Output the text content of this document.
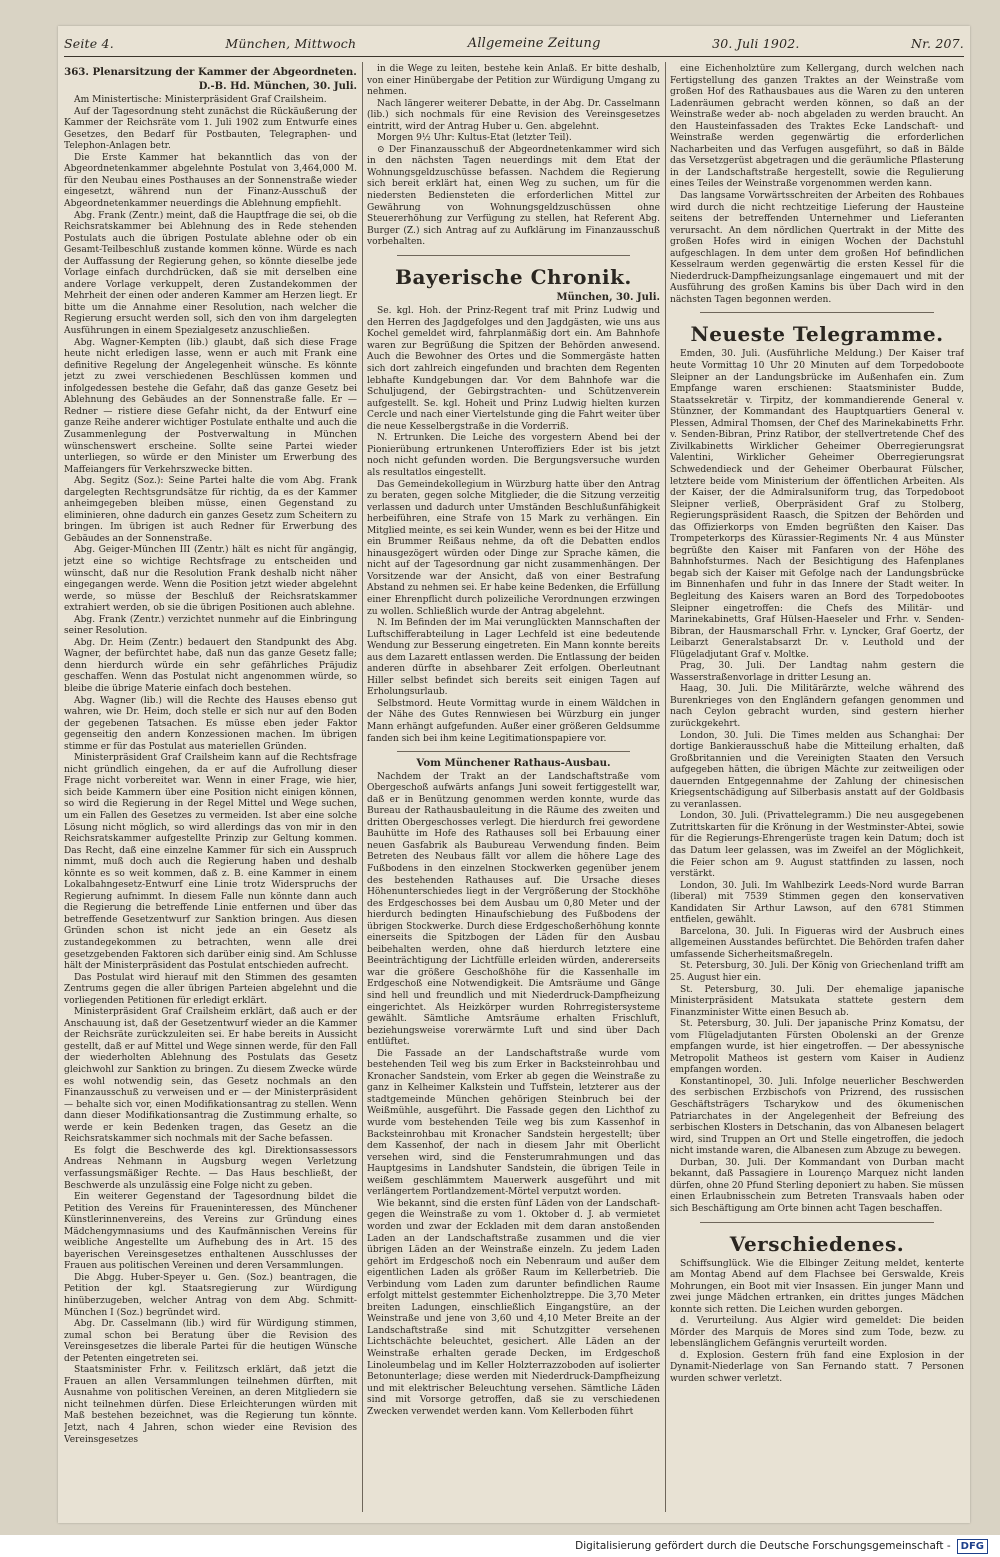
Seite 4.	München, Mittwoch	Allgemeine Zeitung	30. Juli 1902.	Nr. 207.
363. Plenarsitzung der Kammer der Abgeordneten.
D.-B. Hd. München, 30. Juli.

Am Ministertische: Ministerpräsident Graf Crailsheim.

Auf der Tagesordnung steht zunächst die Rückäußerung der Kammer der Reichsräte vom 1. Juli 1902 zum Entwurfe eines Gesetzes, den Bedarf für Postbauten, Telegraphen- und Telephon-Anlagen betr.

Die Erste Kammer hat bekanntlich das von der Abgeordnetenkammer abgelehnte Postulat von 3,464,000 M. für den Neubau eines Posthauses an der Sonnenstraße wieder eingesetzt, während nun der Finanz-Ausschuß der Abgeordnetenkammer neuerdings die Ablehnung empfiehlt.

Abg. Frank (Zentr.) meint, daß die Hauptfrage die sei, ob die Reichsratskammer bei Ablehnung des in Rede stehenden Postulats auch die übrigen Postulate ablehne oder ob ein Gesamt-Teilbeschluß zustande kommen könne. Würde es nach der Auffassung der Regierung gehen, so könnte dieselbe jede Vorlage einfach durchdrücken, daß sie mit derselben eine andere Vorlage verkuppelt, deren Zustandekommen der Mehrheit der einen oder anderen Kammer am Herzen liegt. Er bitte um die Annahme einer Resolution, nach welcher die Regierung ersucht werden soll, sich den von ihm dargelegten Ausführungen in einem Spezialgesetz anzuschließen.

Abg. Wagner-Kempten (lib.) glaubt, daß sich diese Frage heute nicht erledigen lasse, wenn er auch mit Frank eine definitive Regelung der Angelegenheit wünsche. Es könnte jetzt zu zwei verschiedenen Beschlüssen kommen und infolgedessen bestehe die Gefahr, daß das ganze Gesetz bei Ablehnung des Gebäudes an der Sonnenstraße falle. Er — Redner — ristiere diese Gefahr nicht, da der Entwurf eine ganze Reihe anderer wichtiger Postulate enthalte und auch die Zusammenlegung der Postverwaltung in München wünschenswert erscheine. Sollte seine Partei wieder unterliegen, so würde er den Minister um Erwerbung des Maffeiangers für Verkehrszwecke bitten.

Abg. Segitz (Soz.): Seine Partei halte die vom Abg. Frank dargelegten Rechtsgrundsätze für richtig, da es der Kammer anheimgegeben bleiben müsse, einen Gegenstand zu eliminieren, ohne dadurch ein ganzes Gesetz zum Scheitern zu bringen. Im übrigen ist auch Redner für Erwerbung des Gebäudes an der Sonnenstraße.

Abg. Geiger-München III (Zentr.) hält es nicht für angängig, jetzt eine so wichtige Rechtsfrage zu entscheiden und wünscht, daß nur die Resolution Frank deshalb nicht näher eingegangen werde. Wenn die Position jetzt wieder abgelehnt werde, so müsse der Beschluß der Reichsratskammer extrahiert werden, ob sie die übrigen Positionen auch ablehne.

Abg. Frank (Zentr.) verzichtet nunmehr auf die Einbringung seiner Resolution.

Abg. Dr. Heim (Zentr.) bedauert den Standpunkt des Abg. Wagner, der befürchtet habe, daß nun das ganze Gesetz falle; denn hierdurch würde ein sehr gefährliches Präjudiz geschaffen. Wenn das Postulat nicht angenommen würde, so bleibe die übrige Materie einfach doch bestehen.

Abg. Wagner (lib.) will die Rechte des Hauses ebenso gut wahren, wie Dr. Heim, doch stelle er sich nur auf den Boden der gegebenen Tatsachen. Es müsse eben jeder Faktor gegenseitig den andern Konzessionen machen. Im übrigen stimme er für das Postulat aus materiellen Gründen.

Ministerpräsident Graf Crailsheim kann auf die Rechtsfrage nicht gründlich eingehen, da er auf die Aufrollung dieser Frage nicht vorbereitet war. Wenn in einer Frage, wie hier, sich beide Kammern über eine Position nicht einigen können, so wird die Regierung in der Regel Mittel und Wege suchen, um ein Fallen des Gesetzes zu vermeiden. Ist aber eine solche Lösung nicht möglich, so wird allerdings das von mir in den Reichsratskammer aufgestellte Prinzip zur Geltung kommen. Das Recht, daß eine einzelne Kammer für sich ein Ausspruch nimmt, muß doch auch die Regierung haben und deshalb könnte es so weit kommen, daß z. B. eine Kammer in einem Lokalbahngesetz-Entwurf eine Linie trotz Widerspruchs der Regierung aufnimmt. In diesem Falle nun könnte dann auch die Regierung die betreffende Linie entfernen und über das betreffende Gesetzentwurf zur Sanktion bringen. Aus diesen Gründen schon ist nicht jede an ein Gesetz als zustandegekommen zu betrachten, wenn alle drei gesetzgebenden Faktoren sich darüber einig sind. Am Schlusse hält der Ministerpräsident das Postulat entschieden aufrecht.

Das Postulat wird hierauf mit den Stimmen des gesamten Zentrums gegen die aller übrigen Parteien abgelehnt und die vorliegenden Petitionen für erledigt erklärt.

Ministerpräsident Graf Crailsheim erklärt, daß auch er der Anschauung ist, daß der Gesetzentwurf wieder an die Kammer der Reichsräte zurückzuleiten sei. Er habe bereits in Aussicht gestellt, daß er auf Mittel und Wege sinnen werde, für den Fall der wiederholten Ablehnung des Postulats das Gesetz gleichwohl zur Sanktion zu bringen. Zu diesem Zwecke würde es wohl notwendig sein, das Gesetz nochmals an den Finanzausschuß zu verweisen und er — der Ministerpräsident — behalte sich vor, einen Modifikationsantrag zu stellen. Wenn dann dieser Modifikationsantrag die Zustimmung erhalte, so werde er kein Bedenken tragen, das Gesetz an die Reichsratskammer sich nochmals mit der Sache befassen.

Es folgt die Beschwerde des kgl. Direktionsassessors Andreas Nehmann in Augsburg wegen Verletzung verfassungsmäßiger Rechte. — Das Haus beschließt, der Beschwerde als unzulässig eine Folge nicht zu geben.

Ein weiterer Gegenstand der Tagesordnung bildet die Petition des Vereins für Fraueninteressen, des Münchener Künstlerinnenvereins, des Vereins zur Gründung eines Mädchengymnasiums und des Kaufmännischen Vereins für weibliche Angestellte um Aufhebung des in Art. 15 des bayerischen Vereinsgesetzes enthaltenen Ausschlusses der Frauen aus politischen Vereinen und deren Versammlungen.

Die Abgg. Huber-Speyer u. Gen. (Soz.) beantragen, die Petition der kgl. Staatsregierung zur Würdigung hinüberzugeben, welcher Antrag von dem Abg. Schmitt-München I (Soz.) begründet wird.

Abg. Dr. Casselmann (lib.) wird für Würdigung stimmen, zumal schon bei Beratung über die Revision des Vereinsgesetzes die liberale Partei für die heutigen Wünsche der Petenten eingetreten sei.

Staatsminister Frhr. v. Feilitzsch erklärt, daß jetzt die Frauen an allen Versammlungen teilnehmen dürften, mit Ausnahme von politischen Vereinen, an deren Mitgliedern sie nicht teilnehmen dürfen. Diese Erleichterungen würden mit Maß bestehen bezeichnet, was die Regierung tun könnte. Jetzt, nach 4 Jahren, schon wieder eine Revision des Vereinsgesetzes

in die Wege zu leiten, bestehe kein Anlaß. Er bitte deshalb, von einer Hinübergabe der Petition zur Würdigung Umgang zu nehmen.

Nach längerer weiterer Debatte, in der Abg. Dr. Casselmann (lib.) sich nochmals für eine Revision des Vereinsgesetzes eintritt, wird der Antrag Huber u. Gen. abgelehnt.

Morgen 9½ Uhr: Kultus-Etat (letzter Teil).

⊙ Der Finanzausschuß der Abgeordnetenkammer wird sich in den nächsten Tagen neuerdings mit dem Etat der Wohnungsgeldzuschüsse befassen. Nachdem die Regierung sich bereit erklärt hat, einen Weg zu suchen, um für die niedersten Bediensteten die erforderlichen Mittel zur Gewährung von Wohnungsgeldzuschüssen ohne Steuererhöhung zur Verfügung zu stellen, hat Referent Abg. Burger (Z.) sich Antrag auf zu Aufklärung im Finanzausschuß vorbehalten.

Bayerische Chronik.
München, 30. Juli.

Se. kgl. Hoh. der Prinz-Regent traf mit Prinz Ludwig und den Herren des Jagdgefolges und den Jagdgästen, wie uns aus Kochel gemeldet wird, fahrplanmäßig dort ein. Am Bahnhofe waren zur Begrüßung die Spitzen der Behörden anwesend. Auch die Bewohner des Ortes und die Sommergäste hatten sich dort zahlreich eingefunden und brachten dem Regenten lebhafte Kundgebungen dar. Vor dem Bahnhofe war die Schuljugend, der Gebirgstrachten- und Schützenverein aufgestellt. Se. kgl. Hoheit und Prinz Ludwig hielten kurzen Cercle und nach einer Viertelstunde ging die Fahrt weiter über die neue Kesselbergstraße in die Vorderriß.

N. Ertrunken. Die Leiche des vorgestern Abend bei der Pionierübung ertrunkenen Unteroffiziers Eder ist bis jetzt noch nicht gefunden worden. Die Bergungsversuche wurden als resultatlos eingestellt.

Das Gemeindekollegium in Würzburg hatte über den Antrag zu beraten, gegen solche Mitglieder, die die Sitzung verzeitig verlassen und dadurch unter Umständen Beschlußunfähigkeit herbeiführen, eine Strafe von 15 Mark zu verhängen. Ein Mitglied meinte, es sei kein Wunder, wenn es bei der Hitze und ein Brummer Reißaus nehme, da oft die Debatten endlos hinausgezögert würden oder Dinge zur Sprache kämen, die nicht auf der Tagesordnung gar nicht zusammenhängen. Der Vorsitzende war der Ansicht, daß von einer Bestrafung Abstand zu nehmen sei. Er habe keine Bedenken, die Erfüllung einer Ehrenpflicht durch polizeiliche Verordnungen erzwingen zu wollen. Schließlich wurde der Antrag abgelehnt.

N. Im Befinden der im Mai verunglückten Mannschaften der Luftschifferabteilung in Lager Lechfeld ist eine bedeutende Wendung zur Besserung eingetreten. Ein Mann konnte bereits aus dem Lazarett entlassen werden. Die Entlassung der beiden anderen dürfte in absehbarer Zeit erfolgen. Oberleutnant Hiller selbst befindet sich bereits seit einigen Tagen auf Erholungsurlaub.

Selbstmord. Heute Vormittag wurde in einem Wäldchen in der Nähe des Gutes Rennwiesen bei Würzburg ein junger Mann erhängt aufgefunden. Außer einer größeren Geldsumme fanden sich bei ihm keine Legitimationspapiere vor.

Vom Münchener Rathaus-Ausbau.

Nachdem der Trakt an der Landschaftstraße vom Obergeschoß aufwärts anfangs Juni soweit fertiggestellt war, daß er in Benützung genommen werden konnte, wurde das Bureau der Rathausbauleitung in die Räume des zweiten und dritten Obergeschosses verlegt. Die hierdurch frei gewordene Bauhütte im Hofe des Rathauses soll bei Erbauung einer neuen Gasfabrik als Baubureau Verwendung finden. Beim Betreten des Neubaus fällt vor allem die höhere Lage des Fußbodens in den einzelnen Stockwerken gegenüber jenem des bestehenden Rathauses auf. Die Ursache dieses Höhenunterschiedes liegt in der Vergrößerung der Stockhöhe des Erdgeschosses bei dem Ausbau um 0,80 Meter und der hierdurch bedingten Hinaufschiebung des Fußbodens der übrigen Stockwerke. Durch diese Erdgeschoßerhöhung konnte einerseits die Spitzbogen der Läden für den Ausbau beibehalten werden, ohne daß hierdurch letztere eine Beeinträchtigung der Lichtfülle erleiden würden, andererseits war die größere Geschoßhöhe für die Kassenhalle im Erdgeschoß eine Notwendigkeit. Die Amtsräume und Gänge sind hell und freundlich und mit Niederdruck-Dampfheizung eingerichtet. Als Heizkörper wurden Rohrregistersysteme gewählt. Sämtliche Amtsräume erhalten Frischluft, beziehungsweise vorerwärmte Luft und sind über Dach entlüftet.

Die Fassade an der Landschaftstraße wurde vom bestehenden Teil weg bis zum Erker in Backsteinrohbau und Kronacher Sandstein, vom Erker ab gegen die Weinstraße zu ganz in Kelheimer Kalkstein und Tuffstein, letzterer aus der stadtgemeinde München gehörigen Steinbruch bei der Weißmühle, ausgeführt. Die Fassade gegen den Lichthof zu wurde vom bestehenden Teile weg bis zum Kassenhof in Backsteinrohbau mit Kronacher Sandstein hergestellt; über dem Kassenhof, der nach in diesem Jahr mit Oberlicht versehen wird, sind die Fensterumrahmungen und das Hauptgesims in Landshuter Sandstein, die übrigen Teile in weißem geschlämmtem Mauerwerk ausgeführt und mit verlängertem Portlandzement-Mörtel verputzt worden.

Wie bekannt, sind die ersten fünf Läden von der Landschaft- gegen die Weinstraße zu vom 1. Oktober d. J. ab vermietet worden und zwar der Eckladen mit dem daran anstoßenden Laden an der Landschaftstraße zusammen und die vier übrigen Läden an der Weinstraße einzeln. Zu jedem Laden gehört im Erdgeschoß noch ein Nebenraum und außer dem eigentlichen Laden als größer Raum im Kellerbetrieb. Die Verbindung vom Laden zum darunter befindlichen Raume erfolgt mittelst gestemmter Eichenholztreppe. Die 3,70 Meter breiten Ladungen, einschließlich Eingangstüre, an der Weinstraße und jene von 3,60 und 4,10 Meter Breite an der Landschaftstraße sind mit Schutzgitter versehenen Lichtschächte beleuchtet, gesichert. Alle Läden an der Weinstraße erhalten gerade Decken, im Erdgeschoß Linoleumbelag und im Keller Holzterrazzoboden auf isolierter Betonunterlage; diese werden mit Niederdruck-Dampfheizung und mit elektrischer Beleuchtung versehen. Sämtliche Läden sind mit Vorsorge getroffen, daß sie zu verschiedenen Zwecken verwendet werden kann. Vom Kellerboden führt

eine Eichenholztüre zum Kellergang, durch welchen nach Fertigstellung des ganzen Traktes an der Weinstraße vom großen Hof des Rathausbaues aus die Waren zu den unteren Ladenräumen gebracht werden können, so daß an der Weinstraße weder ab- noch abgeladen zu werden braucht. An den Hausteinfassaden des Traktes Ecke Landschaft- und Weinstraße werden gegenwärtig die erforderlichen Nacharbeiten und das Verfugen ausgeführt, so daß in Bälde das Versetzgerüst abgetragen und die geräumliche Pflasterung in der Landschaftstraße hergestellt, sowie die Regulierung eines Teiles der Weinstraße vorgenommen werden kann.

Das langsame Vorwärtsschreiten der Arbeiten des Rohbaues wird durch die nicht rechtzeitige Lieferung der Hausteine seitens der betreffenden Unternehmer und Lieferanten verursacht. An dem nördlichen Quertrakt in der Mitte des großen Hofes wird in einigen Wochen der Dachstuhl aufgeschlagen. In dem unter dem großen Hof befindlichen Kesselraum werden gegenwärtig die ersten Kessel für die Niederdruck-Dampfheizungsanlage eingemauert und mit der Ausführung des großen Kamins bis über Dach wird in den nächsten Tagen begonnen werden.

Neueste Telegramme.

Emden, 30. Juli. (Ausführliche Meldung.) Der Kaiser traf heute Vormittag 10 Uhr 20 Minuten auf dem Torpedoboote Sleipner an der Landungsbrücke im Außenhafen ein. Zum Empfange waren erschienen: Staatsminister Budde, Staatssekretär v. Tirpitz, der kommandierende General v. Stünzner, der Kommandant des Hauptquartiers General v. Plessen, Admiral Thomsen, der Chef des Marinekabinetts Frhr. v. Senden-Bibran, Prinz Ratibor, der stellvertretende Chef des Zivilkabinetts Wirklicher Geheimer Oberregierungsrat Valentini, Wirklicher Geheimer Oberregierungsrat Schwedendieck und der Geheimer Oberbaurat Fülscher, letztere beide vom Ministerium der öffentlichen Arbeiten. Als der Kaiser, der die Admiralsuniform trug, das Torpedoboot Sleipner verließ, Oberpräsident Graf zu Stolberg, Regierungspräsident Raasch, die Spitzen der Behörden und das Offizierkorps von Emden begrüßten den Kaiser. Das Trompeterkorps des Kürassier-Regiments Nr. 4 aus Münster begrüßte den Kaiser mit Fanfaren von der Höhe des Bahnhofsturmes. Nach der Besichtigung des Hafenplanes begab sich der Kaiser mit Gefolge nach der Landungsbrücke im Binnenhafen und fuhr in das Innere der Stadt weiter. In Begleitung des Kaisers waren an Bord des Torpedobootes Sleipner eingetroffen: die Chefs des Militär- und Marinekabinetts, Graf Hülsen-Haeseler und Frhr. v. Senden-Bibran, der Hausmarschall Frhr. v. Lyncker, Graf Goertz, der Leibarzt Generalstabsarzt Dr. v. Leuthold und der Flügeladjutant Graf v. Moltke.

Prag, 30. Juli. Der Landtag nahm gestern die Wasserstraßenvorlage in dritter Lesung an.

Haag, 30. Juli. Die Militärärzte, welche während des Burenkrieges von den Engländern gefangen genommen und nach Ceylon gebracht wurden, sind gestern hierher zurückgekehrt.

London, 30. Juli. Die Times melden aus Schanghai: Der dortige Bankierausschuß habe die Mitteilung erhalten, daß Großbritannien und die Vereinigten Staaten den Versuch aufgegeben hätten, die übrigen Mächte zur zeitweiligen oder dauernden Entgegennahme der Zahlung der chinesischen Kriegsentschädigung auf Silberbasis anstatt auf der Goldbasis zu veranlassen.

London, 30. Juli. (Privattelegramm.) Die neu ausgegebenen Zutrittskarten für die Krönung in der Westminster-Abtei, sowie für die Regierungs-Ehrengerüste tragen kein Datum; doch ist das Datum leer gelassen, was im Zweifel an der Möglichkeit, die Feier schon am 9. August stattfinden zu lassen, noch verstärkt.

London, 30. Juli. Im Wahlbezirk Leeds-Nord wurde Barran (liberal) mit 7539 Stimmen gegen den konservativen Kandidaten Sir Arthur Lawson, auf den 6781 Stimmen entfielen, gewählt.

Barcelona, 30. Juli. In Figueras wird der Ausbruch eines allgemeinen Ausstandes befürchtet. Die Behörden trafen daher umfassende Sicherheitsmaßregeln.

St. Petersburg, 30. Juli. Der König von Griechenland trifft am 25. August hier ein.

St. Petersburg, 30. Juli. Der ehemalige japanische Ministerpräsident Matsukata stattete gestern dem Finanzminister Witte einen Besuch ab.

St. Petersburg, 30. Juli. Der japanische Prinz Komatsu, der vom Flügeladjutanten Fürsten Obolenski an der Grenze empfangen wurde, ist hier eingetroffen. — Der abessynische Metropolit Matheos ist gestern vom Kaiser in Audienz empfangen worden.

Konstantinopel, 30. Juli. Infolge neuerlicher Beschwerden des serbischen Erzbischofs von Prizrend, des russischen Geschäftsträgers Tscharykow und des ökumenischen Patriarchates in der Angelegenheit der Befreiung des serbischen Klosters in Detschanin, das von Albanesen belagert wird, sind Truppen an Ort und Stelle eingetroffen, die jedoch nicht imstande waren, die Albanesen zum Abzuge zu bewegen.

Durban, 30. Juli. Der Kommandant von Durban macht bekannt, daß Passagiere in Lourenço Marquez nicht landen dürfen, ohne 20 Pfund Sterling deponiert zu haben. Sie müssen einen Erlaubnisschein zum Betreten Transvaals haben oder sich Beschäftigung am Orte binnen acht Tagen beschaffen.

Verschiedenes.

Schiffsunglück. Wie die Elbinger Zeitung meldet, kenterte am Montag Abend auf dem Flachsee bei Gerswalde, Kreis Mohrungen, ein Boot mit vier Insassen. Ein junger Mann und zwei junge Mädchen ertranken, ein drittes junges Mädchen konnte sich retten. Die Leichen wurden geborgen.

d. Verurteilung. Aus Algier wird gemeldet: Die beiden Mörder des Marquis de Mores sind zum Tode, bezw. zu lebenslänglichem Gefängnis verurteilt worden.

d. Explosion. Gestern früh fand eine Explosion in der Dynamit-Niederlage von San Fernando statt. 7 Personen wurden schwer verletzt.

Digitalisierung gefördert durch die Deutsche Forschungsgemeinschaft -	DFG
